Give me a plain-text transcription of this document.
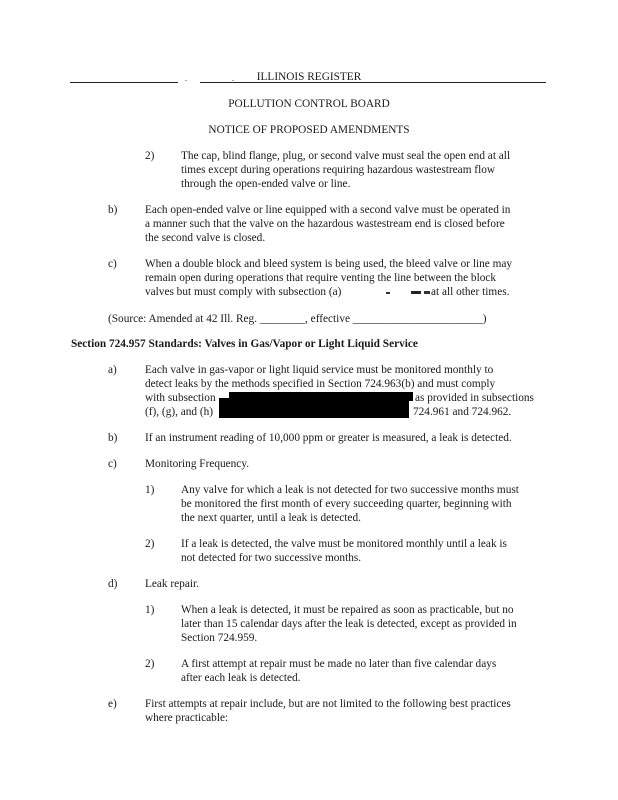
.	.	ILLINOIS REGISTER
POLLUTION CONTROL BOARD
NOTICE OF PROPOSED AMENDMENTS
2) The cap, blind flange, plug, or second valve must seal the open end at all
times except during operations requiring hazardous wastestream flow
through the open-ended valve or line.
b) Each open-ended valve or line equipped with a second valve must be operated in
a manner such that the valve on the hazardous wastestream end is closed before
the second valve is closed.
c) When a double block and bleed system is being used, the bleed valve or line may
remain open during operations that require venting the line between the block
valves but must comply with subsection (a)	at all other times.
(Source: Amended at 42 Ill. Reg. ________, effective _______________________)
Section 724.957 Standards: Valves in Gas/Vapor or Light Liquid Service
a) Each valve in gas-vapor or light liquid service must be monitored monthly to
detect leaks by the methods specified in Section 724.963(b) and must comply
with subsection	as provided in subsections
(f), (g), and (h)	724.961 and 724.962.
b) If an instrument reading of 10,000 ppm or greater is measured, a leak is detected.
c) Monitoring Frequency.
1) Any valve for which a leak is not detected for two successive months must
be monitored the first month of every succeeding quarter, beginning with
the next quarter, until a leak is detected.
2) If a leak is detected, the valve must be monitored monthly until a leak is
not detected for two successive months.
d) Leak repair.
1) When a leak is detected, it must be repaired as soon as practicable, but no
later than 15 calendar days after the leak is detected, except as provided in
Section 724.959.
2) A first attempt at repair must be made no later than five calendar days
after each leak is detected.
e) First attempts at repair include, but are not limited to the following best practices
where practicable:
